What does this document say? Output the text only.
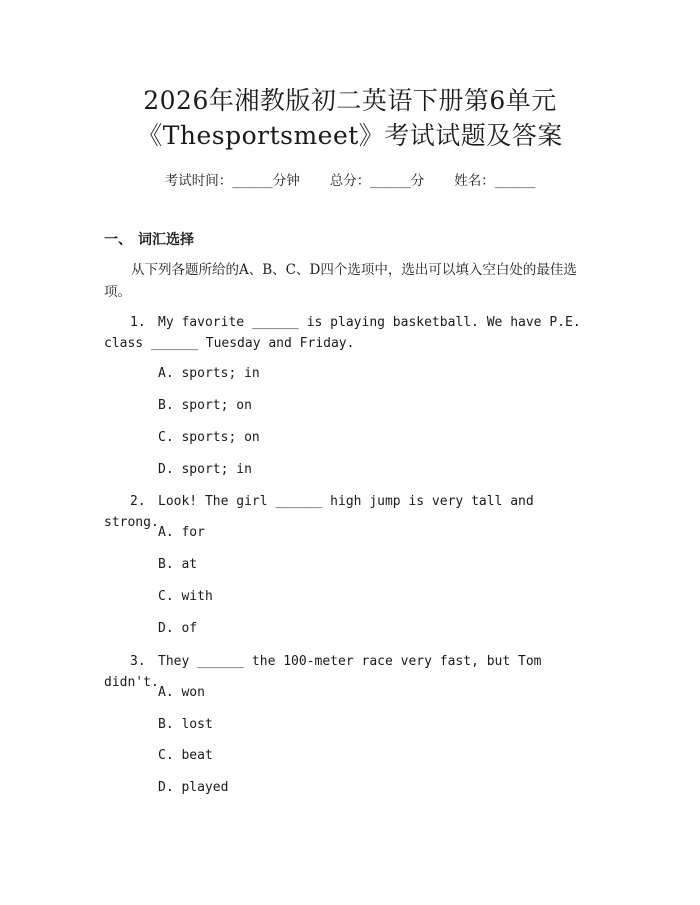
2026年湘教版初二英语下册第6单元
《Thesportsmeet》考试试题及答案
考试时间：______分钟 总分：______分 姓名：______
一、 词汇选择
从下列各题所给的A、B、C、D四个选项中，选出可以填入空白处的最佳选项。
1. My favorite ______ is playing basketball. We have P.E. class ______ Tuesday and Friday.
A. sports; in
B. sport; on
C. sports; on
D. sport; in
2. Look! The girl ______ high jump is very tall and strong.
A. for
B. at
C. with
D. of
3. They ______ the 100-meter race very fast, but Tom didn't.
A. won
B. lost
C. beat
D. played
